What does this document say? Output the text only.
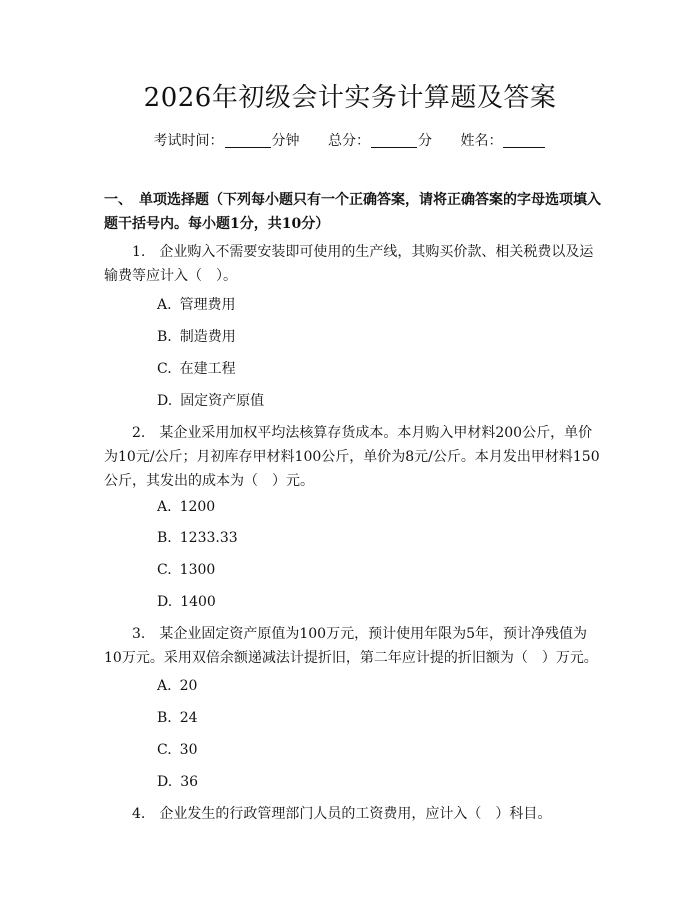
2026年初级会计实务计算题及答案
考试时间：	分钟 总分：	分 姓名：
一、　单项选择题（下列每小题只有一个正确答案，请将正确答案的字母选项填入题干括号内。每小题1分，共10分）
1.　 企业购入不需要安装即可使用的生产线，其购买价款、相关税费以及运输费等应计入（　）。
A. 管理费用
B. 制造费用
C. 在建工程
D. 固定资产原值
2.　 某企业采用加权平均法核算存货成本。本月购入甲材料200公斤，单价为10元/公斤；月初库存甲材料100公斤，单价为8元/公斤。本月发出甲材料150公斤，其发出的成本为（　）元。
A. 1200
B. 1233.33
C. 1300
D. 1400
3.　 某企业固定资产原值为100万元，预计使用年限为5年，预计净残值为10万元。采用双倍余额递减法计提折旧，第二年应计提的折旧额为（　）万元。
A. 20
B. 24
C. 30
D. 36
4.　 企业发生的行政管理部门人员的工资费用，应计入（　）科目。
